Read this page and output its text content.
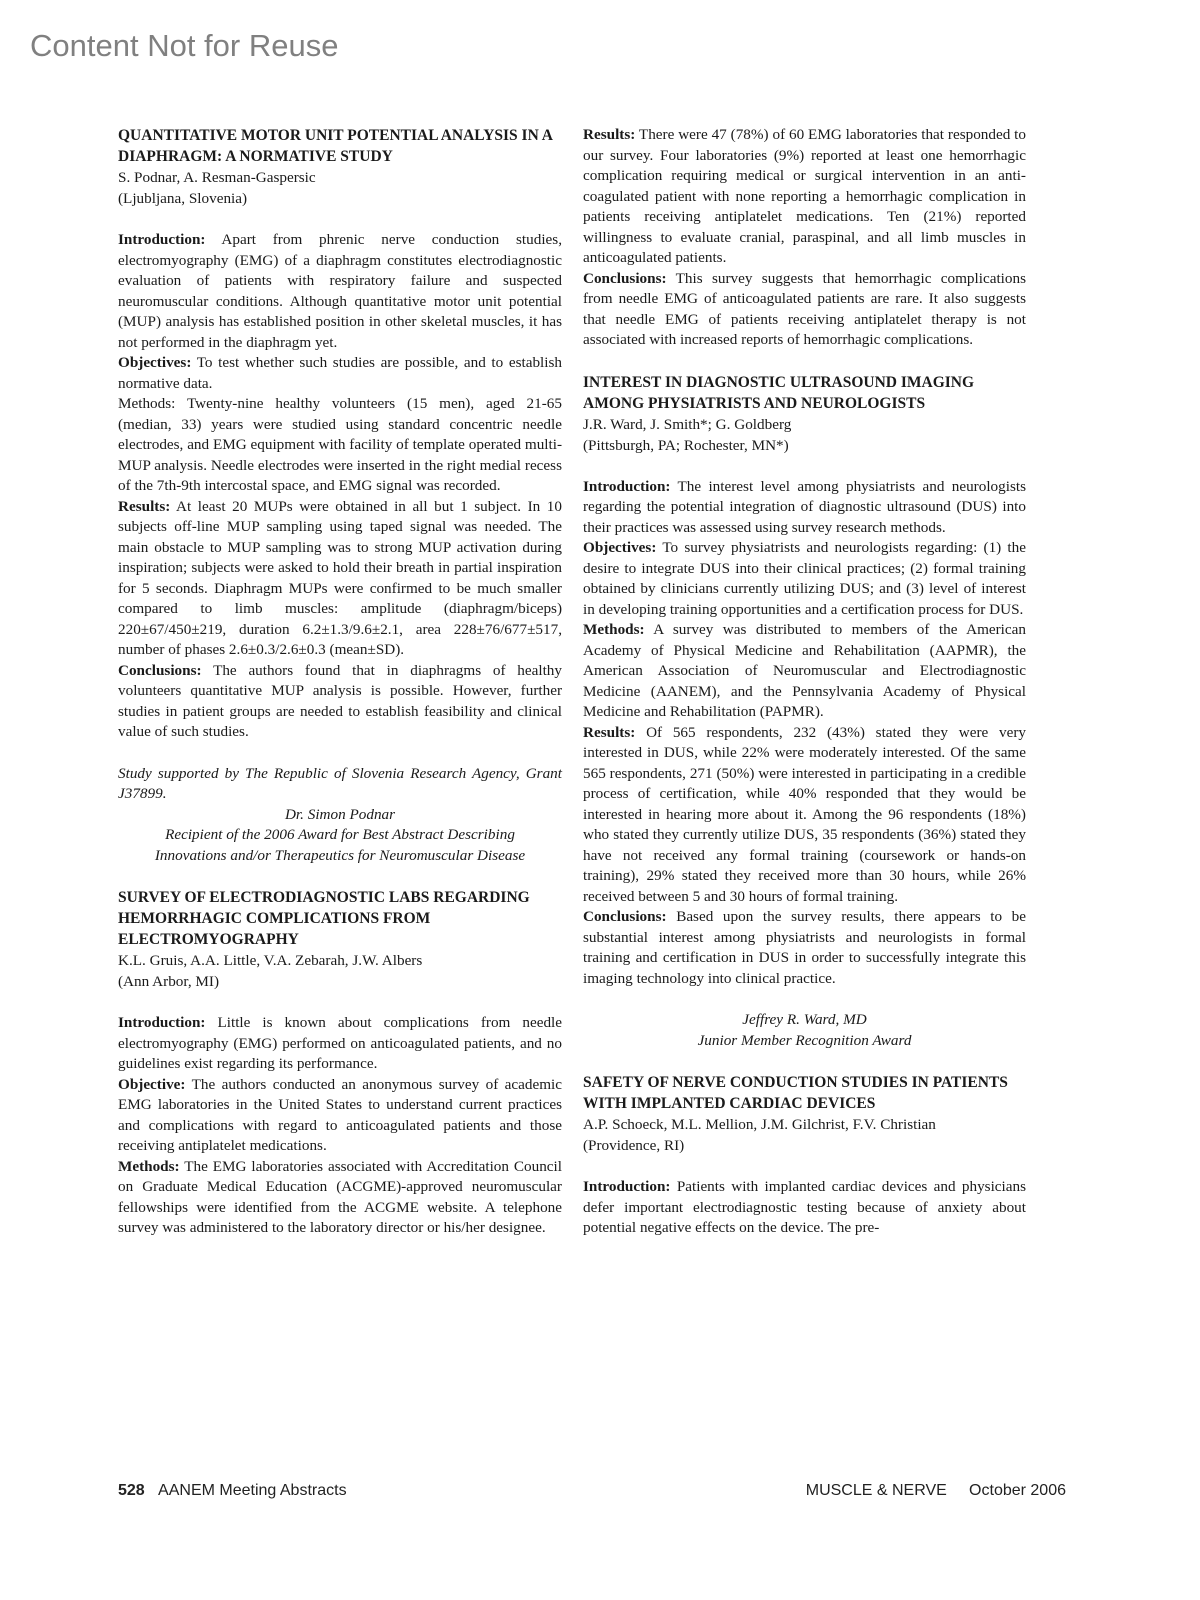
Content Not for Reuse

QUANTITATIVE MOTOR UNIT POTENTIAL ANALYSIS IN A DIAPHRAGM: A NORMATIVE STUDY

S. Podnar, A. Resman-Gaspersic
(Ljubljana, Slovenia)

Introduction: Apart from phrenic nerve conduction studies, electromyography (EMG) of a diaphragm constitutes electrodiagnostic evaluation of patients with respiratory failure and suspected neuromuscular conditions. Although quantitative motor unit potential (MUP) analysis has established position in other skeletal muscles, it has not performed in the diaphragm yet.

Objectives: To test whether such studies are possible, and to establish normative data.

Methods: Twenty-nine healthy volunteers (15 men), aged 21-65 (median, 33) years were studied using standard concentric needle electrodes, and EMG equipment with facility of template operated multi-MUP analysis. Needle electrodes were inserted in the right medial recess of the 7th-9th intercostal space, and EMG signal was recorded.

Results: At least 20 MUPs were obtained in all but 1 subject. In 10 subjects off-line MUP sampling using taped signal was needed. The main obstacle to MUP sampling was to strong MUP activation during inspiration; subjects were asked to hold their breath in partial inspiration for 5 seconds. Diaphragm MUPs were confirmed to be much smaller compared to limb muscles: amplitude (diaphragm/biceps) 220±67/450±219, duration 6.2±1.3/9.6±2.1, area 228±76/677±517, number of phases 2.6±0.3/2.6±0.3 (mean±SD).

Conclusions: The authors found that in diaphragms of healthy volunteers quantitative MUP analysis is possible. However, further studies in patient groups are needed to establish feasibility and clinical value of such studies.

Study supported by The Republic of Slovenia Research Agency, Grant J37899.

Dr. Simon Podnar
Recipient of the 2006 Award for Best Abstract Describing
Innovations and/or Therapeutics for Neuromuscular Disease

SURVEY OF ELECTRODIAGNOSTIC LABS REGARDING HEMORRHAGIC COMPLICATIONS FROM ELECTROMYOGRAPHY

K.L. Gruis, A.A. Little, V.A. Zebarah, J.W. Albers
(Ann Arbor, MI)

Introduction: Little is known about complications from needle electromyography (EMG) performed on anticoagulated patients, and no guidelines exist regarding its performance.

Objective: The authors conducted an anonymous survey of academic EMG laboratories in the United States to understand current practices and complications with regard to anticoagulated patients and those receiving antiplatelet medications.

Methods: The EMG laboratories associated with Accreditation Council on Graduate Medical Education (ACGME)-approved neuromuscular fellowships were identified from the ACGME website. A telephone survey was administered to the laboratory director or his/her designee.

Results: There were 47 (78%) of 60 EMG laboratories that responded to our survey. Four laboratories (9%) reported at least one hemorrhagic complication requiring medical or surgical intervention in an anti-coagulated patient with none reporting a hemorrhagic complication in patients receiving antiplatelet medications. Ten (21%) reported willingness to evaluate cranial, paraspinal, and all limb muscles in anticoagulated patients.

Conclusions: This survey suggests that hemorrhagic complications from needle EMG of anticoagulated patients are rare. It also suggests that needle EMG of patients receiving antiplatelet therapy is not associated with increased reports of hemorrhagic complications.

INTEREST IN DIAGNOSTIC ULTRASOUND IMAGING AMONG PHYSIATRISTS AND NEUROLOGISTS

J.R. Ward, J. Smith*; G. Goldberg
(Pittsburgh, PA; Rochester, MN*)

Introduction: The interest level among physiatrists and neurologists regarding the potential integration of diagnostic ultrasound (DUS) into their practices was assessed using survey research methods.

Objectives: To survey physiatrists and neurologists regarding: (1) the desire to integrate DUS into their clinical practices; (2) formal training obtained by clinicians currently utilizing DUS; and (3) level of interest in developing training opportunities and a certification process for DUS.

Methods: A survey was distributed to members of the American Academy of Physical Medicine and Rehabilitation (AAPMR), the American Association of Neuromuscular and Electrodiagnostic Medicine (AANEM), and the Pennsylvania Academy of Physical Medicine and Rehabilitation (PAPMR).

Results: Of 565 respondents, 232 (43%) stated they were very interested in DUS, while 22% were moderately interested. Of the same 565 respondents, 271 (50%) were interested in participating in a credible process of certification, while 40% responded that they would be interested in hearing more about it. Among the 96 respondents (18%) who stated they currently utilize DUS, 35 respondents (36%) stated they have not received any formal training (coursework or hands-on training), 29% stated they received more than 30 hours, while 26% received between 5 and 30 hours of formal training.

Conclusions: Based upon the survey results, there appears to be substantial interest among physiatrists and neurologists in formal training and certification in DUS in order to successfully integrate this imaging technology into clinical practice.

Jeffrey R. Ward, MD
Junior Member Recognition Award

SAFETY OF NERVE CONDUCTION STUDIES IN PATIENTS WITH IMPLANTED CARDIAC DEVICES

A.P. Schoeck, M.L. Mellion, J.M. Gilchrist, F.V. Christian
(Providence, RI)

Introduction: Patients with implanted cardiac devices and physicians defer important electrodiagnostic testing because of anxiety about potential negative effects on the device. The pre-

528 AANEM Meeting Abstracts	MUSCLE & NERVE October 2006
